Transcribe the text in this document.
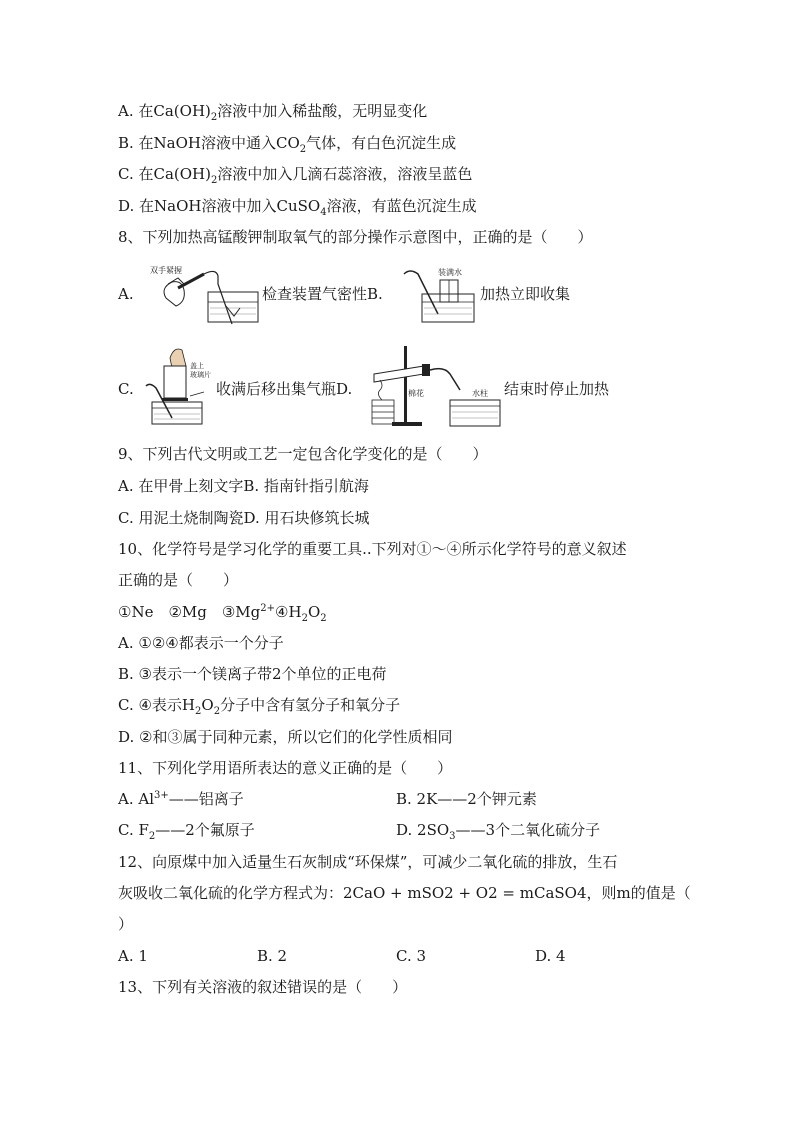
A. 在$Ca(OH)_2$溶液中加入稀盐酸，无明显变化
B. 在NaOH溶液中通入$CO_2$气体，有白色沉淀生成
C. 在$Ca(OH)_2$溶液中加入几滴石蕊溶液，溶液呈蓝色
D. 在NaOH溶液中加入CuSO$_4$溶液，有蓝色沉淀生成
8、下列加热高锰酸钾制取氧气的部分操作示意图中，正确的是（　　）
A.
双手紧握
检查装置气密性B.
装满水
加热立即收集
C.
盖上
玻璃片
收满后移出集气瓶D.	棉花	水柱 结束时停止加热
9、下列古代文明或工艺一定包含化学变化的是（　　）
A. 在甲骨上刻文字B. 指南针指引航海
C. 用泥土烧制陶瓷D. 用石块修筑长城
10、化学符号是学习化学的重要工具..下列对①～④所示化学符号的意义叙述
正确的是（　　）
①Ne　②Mg　$③Mg^{2+}④H_2O_2$
A. ①②④都表示一个分子
B. ③表示一个镁离子带2个单位的正电荷
C. ④表示$H_2O_2$分子中含有氢分子和氧分子
D. ②和③属于同种元素，所以它们的化学性质相同
11、下列化学用语所表达的意义正确的是（　　）
A. $Al^{3+}——$铝离子	B. 2K——2个钾元素
C. $F_2——2$个氟原子	D. $2SO_3——3$个二氧化硫分子
12、向原煤中加入适量生石灰制成“环保煤”，可减少二氧化硫的排放，生石
灰吸收二氧化硫的化学方程式为：2CaO + mSO2 + O2 = mCaSO4，则m的值是（
）
A. 1	B. 2	C. 3	D. 4
13、下列有关溶液的叙述错误的是（　　）
